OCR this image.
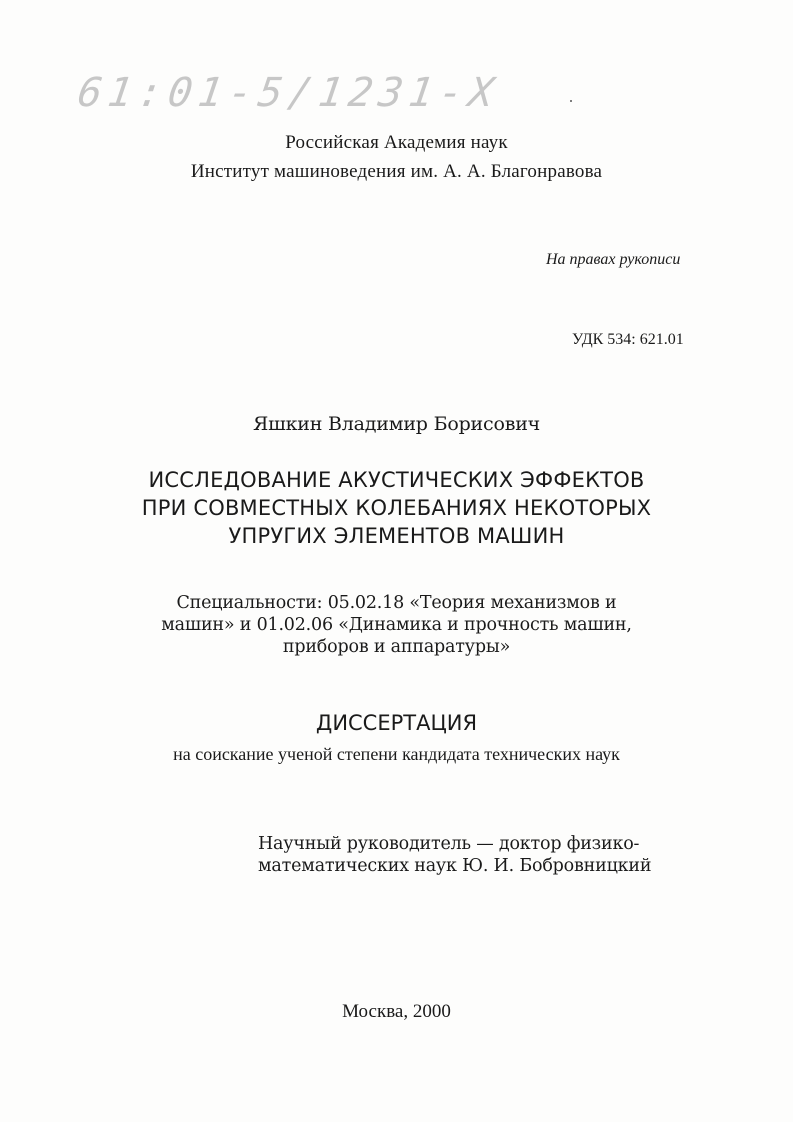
61:01-5/1231-X
Российская Академия наук
Институт машиноведения им. А. А. Благонравова
На правах рукописи
УДК 534: 621.01
Яшкин Владимир Борисович
ИССЛЕДОВАНИЕ АКУСТИЧЕСКИХ ЭФФЕКТОВ
ПРИ СОВМЕСТНЫХ КОЛЕБАНИЯХ НЕКОТОРЫХ
УПРУГИХ ЭЛЕМЕНТОВ МАШИН
Специальности: 05.02.18 «Теория механизмов и
машин» и 01.02.06 «Динамика и прочность машин,
приборов и аппаратуры»
ДИССЕРТАЦИЯ
на соискание ученой степени кандидата технических наук
Научный руководитель — доктор физико-
математических наук Ю. И. Бобровницкий
Москва, 2000
